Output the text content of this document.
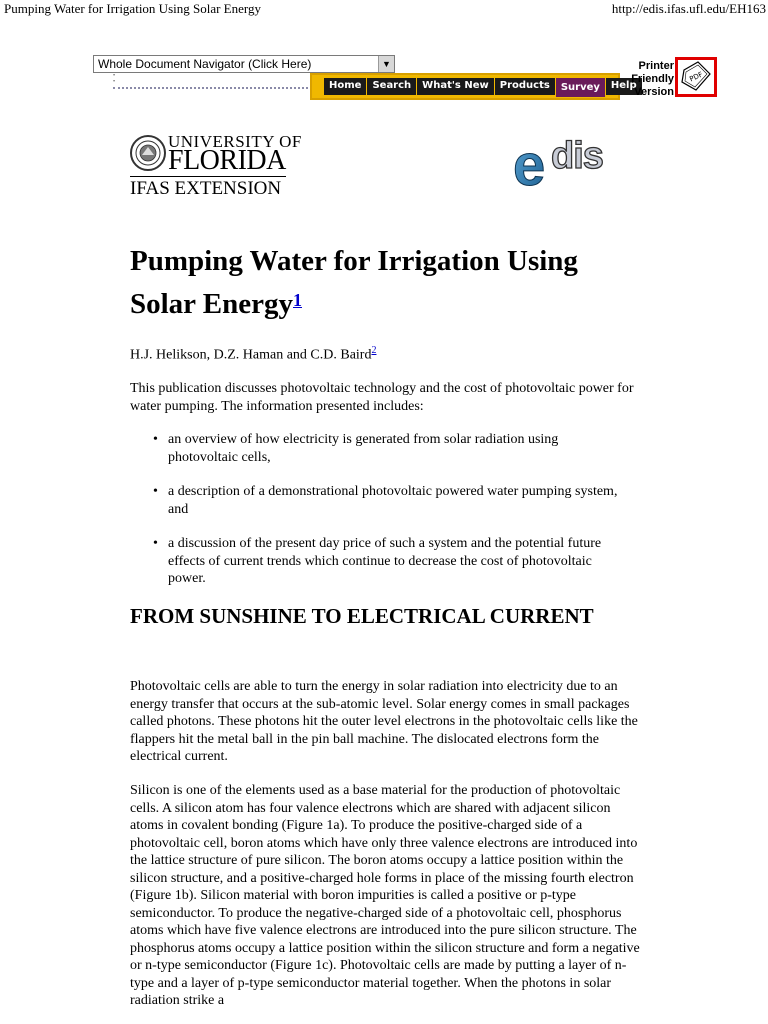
Pumping Water for Irrigation Using Solar Energy	http://edis.ifas.ufl.edu/EH163
Whole Document Navigator (Click Here)	▼
•
•	Home	Search	What's New	Products	Survey	Help
Printer
Friendly
Version
PDF
UNIVERSITY OF
FLORIDA
IFAS EXTENSION	e dis
Pumping Water for Irrigation Using Solar Energy$^1$
H.J. Helikson, D.Z. Haman and C.D. Baird$^2$
This publication discusses photovoltaic technology and the cost of photovoltaic power for water pumping. The information presented includes:
• an overview of how electricity is generated from solar radiation using photovoltaic cells,
• a description of a demonstrational photovoltaic powered water pumping system, and
• a discussion of the present day price of such a system and the potential future effects of current trends which continue to decrease the cost of photovoltaic power.
FROM SUNSHINE TO ELECTRICAL CURRENT
Photovoltaic cells are able to turn the energy in solar radiation into electricity due to an energy transfer that occurs at the sub-atomic level. Solar energy comes in small packages called photons. These photons hit the outer level electrons in the photovoltaic cells like the flappers hit the metal ball in the pin ball machine. The dislocated electrons form the electrical current.
Silicon is one of the elements used as a base material for the production of photovoltaic cells. A silicon atom has four valence electrons which are shared with adjacent silicon atoms in covalent bonding (Figure 1a). To produce the positive-charged side of a photovoltaic cell, boron atoms which have only three valence electrons are introduced into the lattice structure of pure silicon. The boron atoms occupy a lattice position within the silicon structure, and a positive-charged hole forms in place of the missing fourth electron (Figure 1b). Silicon material with boron impurities is called a positive or p-type semiconductor. To produce the negative-charged side of a photovoltaic cell, phosphorus atoms which have five valence electrons are introduced into the pure silicon structure. The phosphorus atoms occupy a lattice position within the silicon structure and form a negative or n-type semiconductor (Figure 1c). Photovoltaic cells are made by putting a layer of n-type and a layer of p-type semiconductor material together. When the photons in solar radiation strike a
